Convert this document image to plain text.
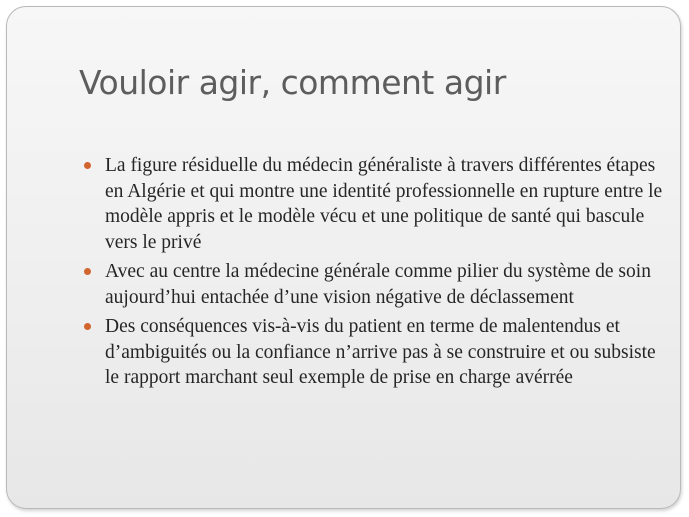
Vouloir agir, comment agir
La figure résiduelle du médecin généraliste à travers différentes étapes en Algérie et qui montre une identité professionnelle en rupture entre le modèle appris et le modèle vécu et une politique de santé qui bascule vers le privé
Avec au centre la médecine générale comme pilier du système de soin aujourd’hui entachée d’une vision négative de déclassement
Des conséquences vis-à-vis du patient en terme de malentendus et d’ambiguités ou la confiance n’arrive pas à se construire et ou subsiste le rapport marchant seul exemple de prise en charge avérrée
